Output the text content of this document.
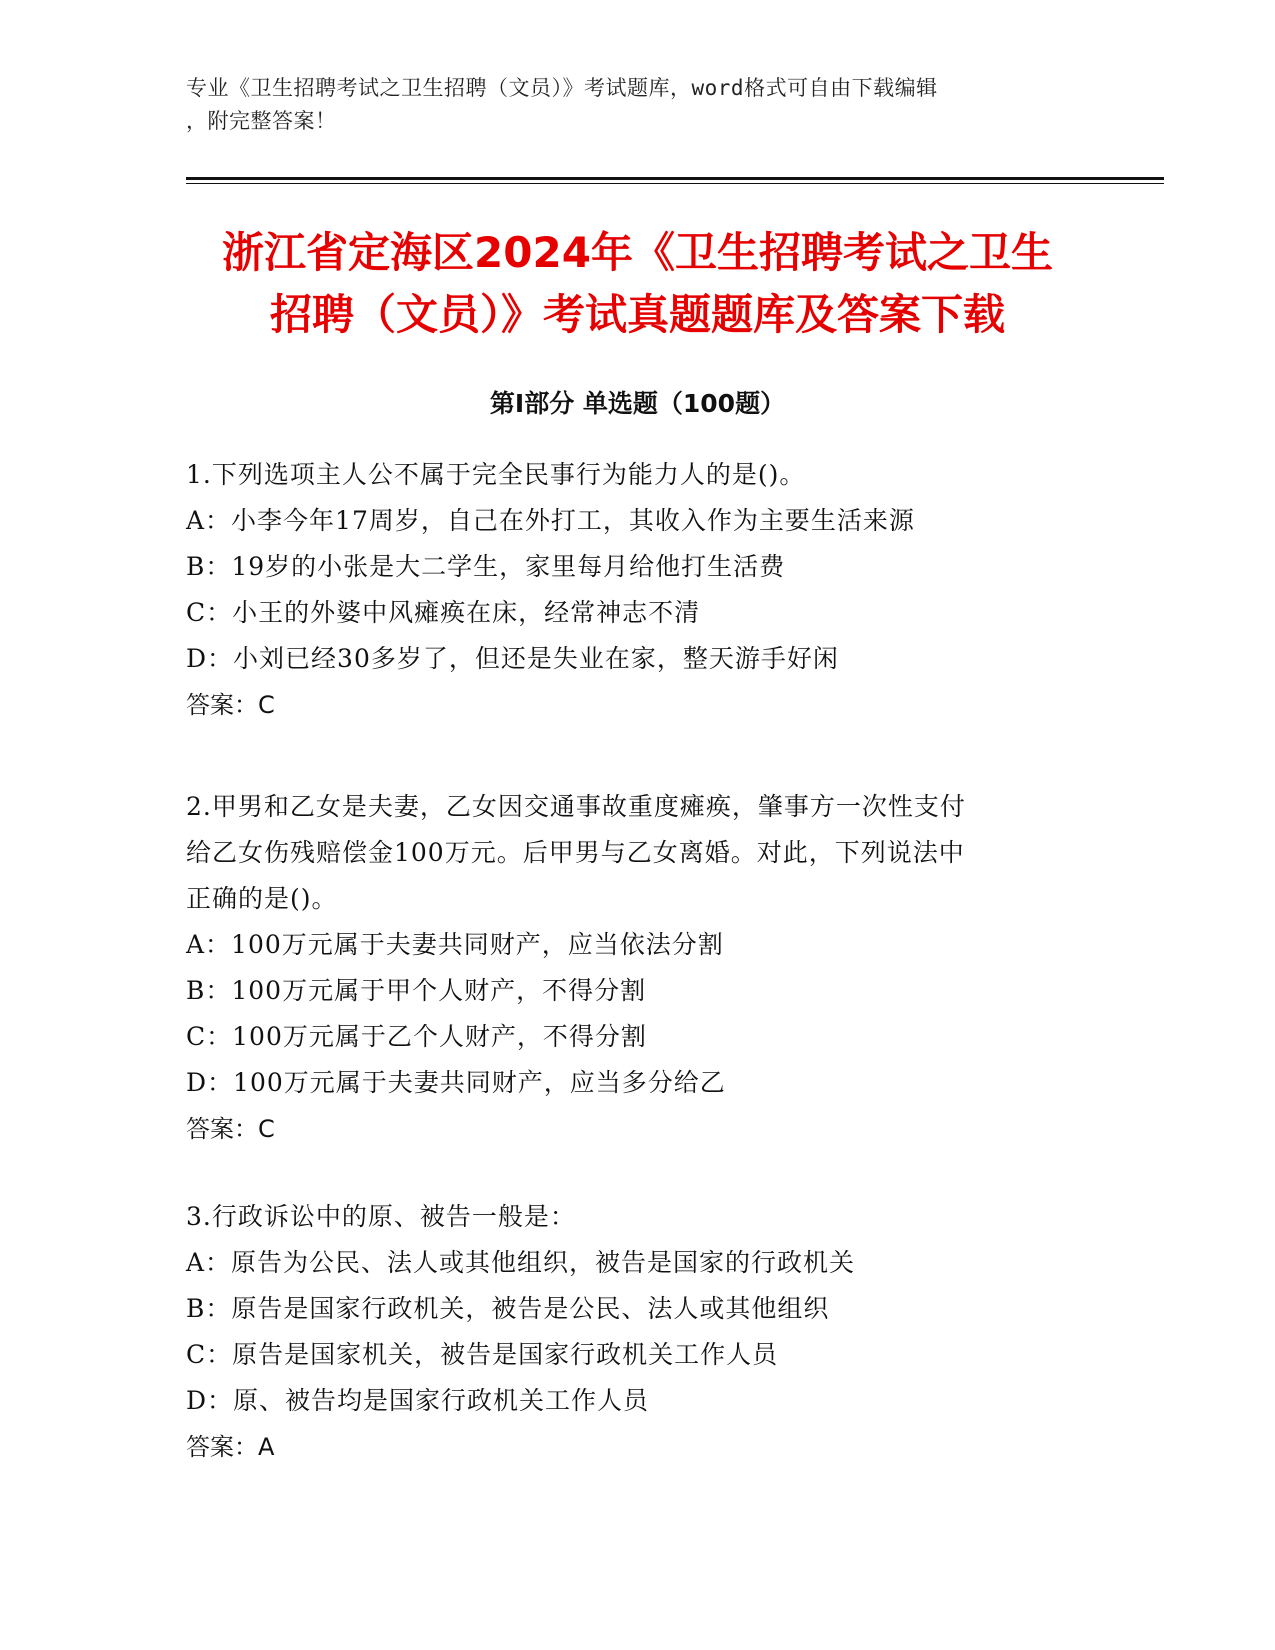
专业《卫生招聘考试之卫生招聘（文员）》考试题库，word格式可自由下载编辑
，附完整答案！
浙江省定海区2024年《卫生招聘考试之卫生
招聘（文员）》考试真题题库及答案下载
第Ⅰ部分 单选题（100题）
1.下列选项主人公不属于完全民事行为能力人的是()。
A：小李今年17周岁，自己在外打工，其收入作为主要生活来源
B：19岁的小张是大二学生，家里每月给他打生活费
C：小王的外婆中风瘫痪在床，经常神志不清
D：小刘已经30多岁了，但还是失业在家，整天游手好闲
答案：C
2.甲男和乙女是夫妻，乙女因交通事故重度瘫痪，肇事方一次性支付
给乙女伤残赔偿金100万元。后甲男与乙女离婚。对此，下列说法中
正确的是()。
A：100万元属于夫妻共同财产，应当依法分割
B：100万元属于甲个人财产，不得分割
C：100万元属于乙个人财产，不得分割
D：100万元属于夫妻共同财产，应当多分给乙
答案：C
3.行政诉讼中的原、被告一般是：
A：原告为公民、法人或其他组织，被告是国家的行政机关
B：原告是国家行政机关，被告是公民、法人或其他组织
C：原告是国家机关，被告是国家行政机关工作人员
D：原、被告均是国家行政机关工作人员
答案：A
